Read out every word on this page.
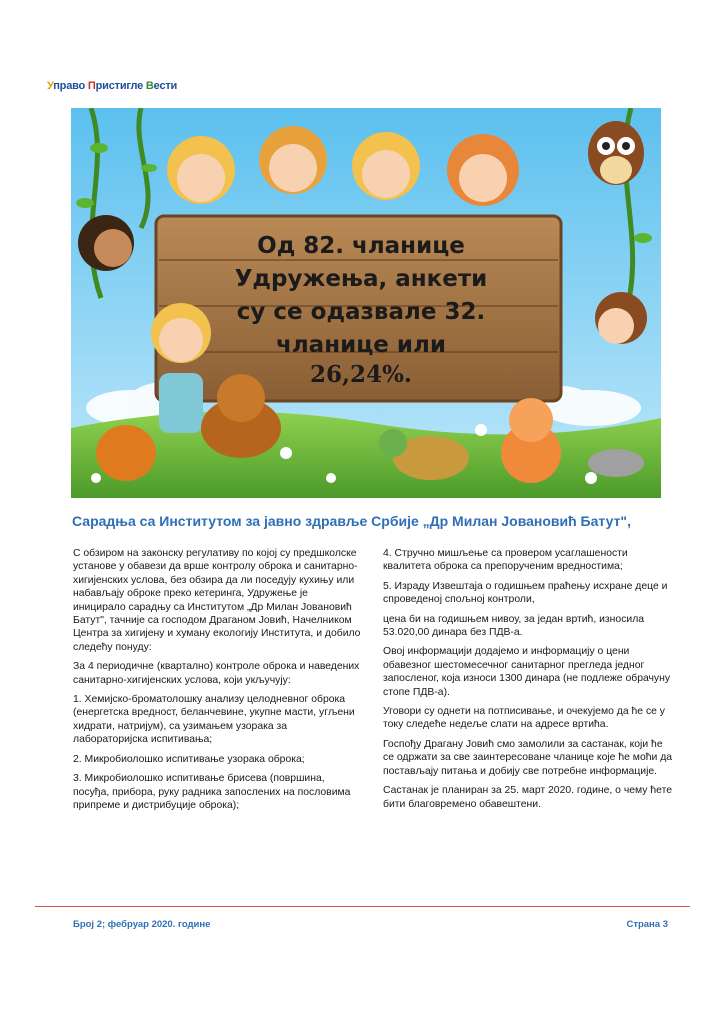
Управо Пристигле Вести
Од 82. чланице
Удружења, анкети
су се одазвале 32.
чланице или
26,24%.
Сарадња са Институтом за јавно здравље Србије „Др Милан Јовановић Батут",

С обзиром на законску регулативу по којој су предшколске установе у обавези да врше контролу оброка и санитарно-хигијенских услова, без обзира да ли поседују кухињу или набављају оброке преко кетеринга, Удружење је иницирало сарадњу са Институтом „Др Милан Јовановић Батут", тачније са господом Драганом Јовић, Начелником Центра за хигијену и хуману екологију Института, и добило следећу понуду:

За 4 периодичне (квартално) контроле оброка и наведених санитарно-хигијенских услова, који укључују:

1. Хемијско-броматолошку анализу целодневног оброка (енергетска вредност, беланчевине, укупне масти, угљени хидрати, натријум), са узимањем узорака за лабораторијска испитивања;

2. Микробиолошко испитивање узорака оброка;

3. Микробиолошко испитивање брисева (површина, посуђа, прибора, руку радника запослених на пословима припреме и дистрибуције оброка);

4. Стручно мишљење са провером усаглашености квалитета оброка са препорученим вредностима;

5. Израду Извештаја о годишњем праћењу исхране деце и спроведеној спољној контроли,

цена би на годишњем нивоу, за један вртић, износила 53.020,00 динара без ПДВ-а.

Овој информацији додајемо и информацију о цени обавезног шестомесечног санитарног прегледа једног запосленог, која износи 1300 динара (не подлеже обрачуну стопе ПДВ-а).

Уговори су однети на потписивање, и очекујемо да ће се у току следеће недеље слати на адресе вртића.

Госпођу Драгану Јовић смо замолили за састанак, који ће се одржати за све заинтересоване чланице које ће моћи да постављају питања и добију све потребне информације.

Састанак је планиран за 25. март 2020. године, о чему ћете бити благовремено обавештени.

Број 2; фебруар 2020. године	Страна 3
